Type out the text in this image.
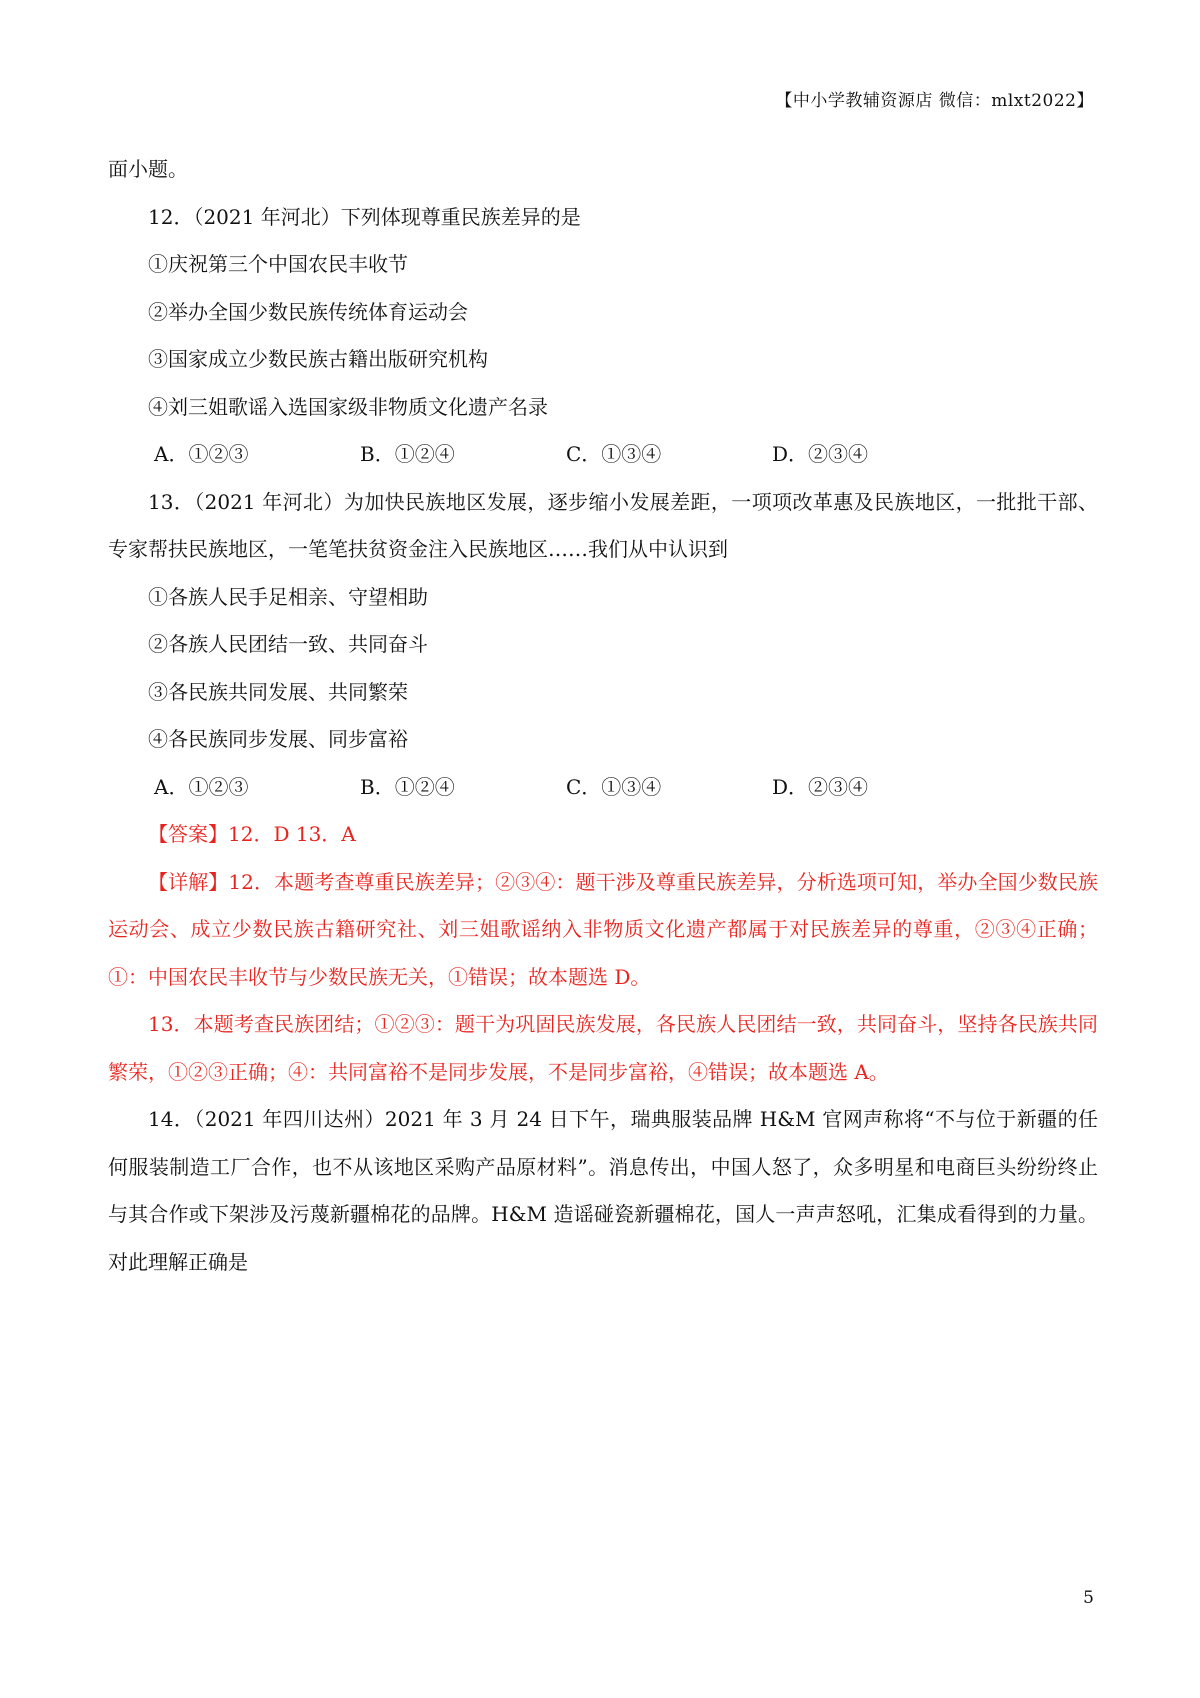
【中小学教辅资源店 微信：mlxt2022】

面小题。

12．（2021 年河北）下列体现尊重民族差异的是

①庆祝第三个中国农民丰收节

②举办全国少数民族传统体育运动会

③国家成立少数民族古籍出版研究机构

④刘三姐歌谣入选国家级非物质文化遗产名录

A．①②③	B．①②④	C．①③④	D．②③④

13．（2021 年河北）为加快民族地区发展，逐步缩小发展差距，一项项改革惠及民族地区，一批批干部、专家帮扶民族地区，一笔笔扶贫资金注入民族地区……我们从中认识到

①各族人民手足相亲、守望相助

②各族人民团结一致、共同奋斗

③各民族共同发展、共同繁荣

④各民族同步发展、同步富裕

A．①②③	B．①②④	C．①③④	D．②③④

【答案】12．D 13．A

【详解】12．本题考查尊重民族差异；②③④：题干涉及尊重民族差异，分析选项可知，举办全国少数民族运动会、成立少数民族古籍研究社、刘三姐歌谣纳入非物质文化遗产都属于对民族差异的尊重，②③④正确；①：中国农民丰收节与少数民族无关，①错误；故本题选 D。

13．本题考查民族团结；①②③：题干为巩固民族发展，各民族人民团结一致，共同奋斗，坚持各民族共同繁荣，①②③正确；④：共同富裕不是同步发展，不是同步富裕，④错误；故本题选 A。

14．（2021 年四川达州）2021 年 3 月 24 日下午，瑞典服装品牌 H&M 官网声称将“不与位于新疆的任何服装制造工厂合作，也不从该地区采购产品原材料”。消息传出，中国人怒了，众多明星和电商巨头纷纷终止与其合作或下架涉及污蔑新疆棉花的品牌。H&M 造谣碰瓷新疆棉花，国人一声声怒吼，汇集成看得到的力量。对此理解正确是

5
